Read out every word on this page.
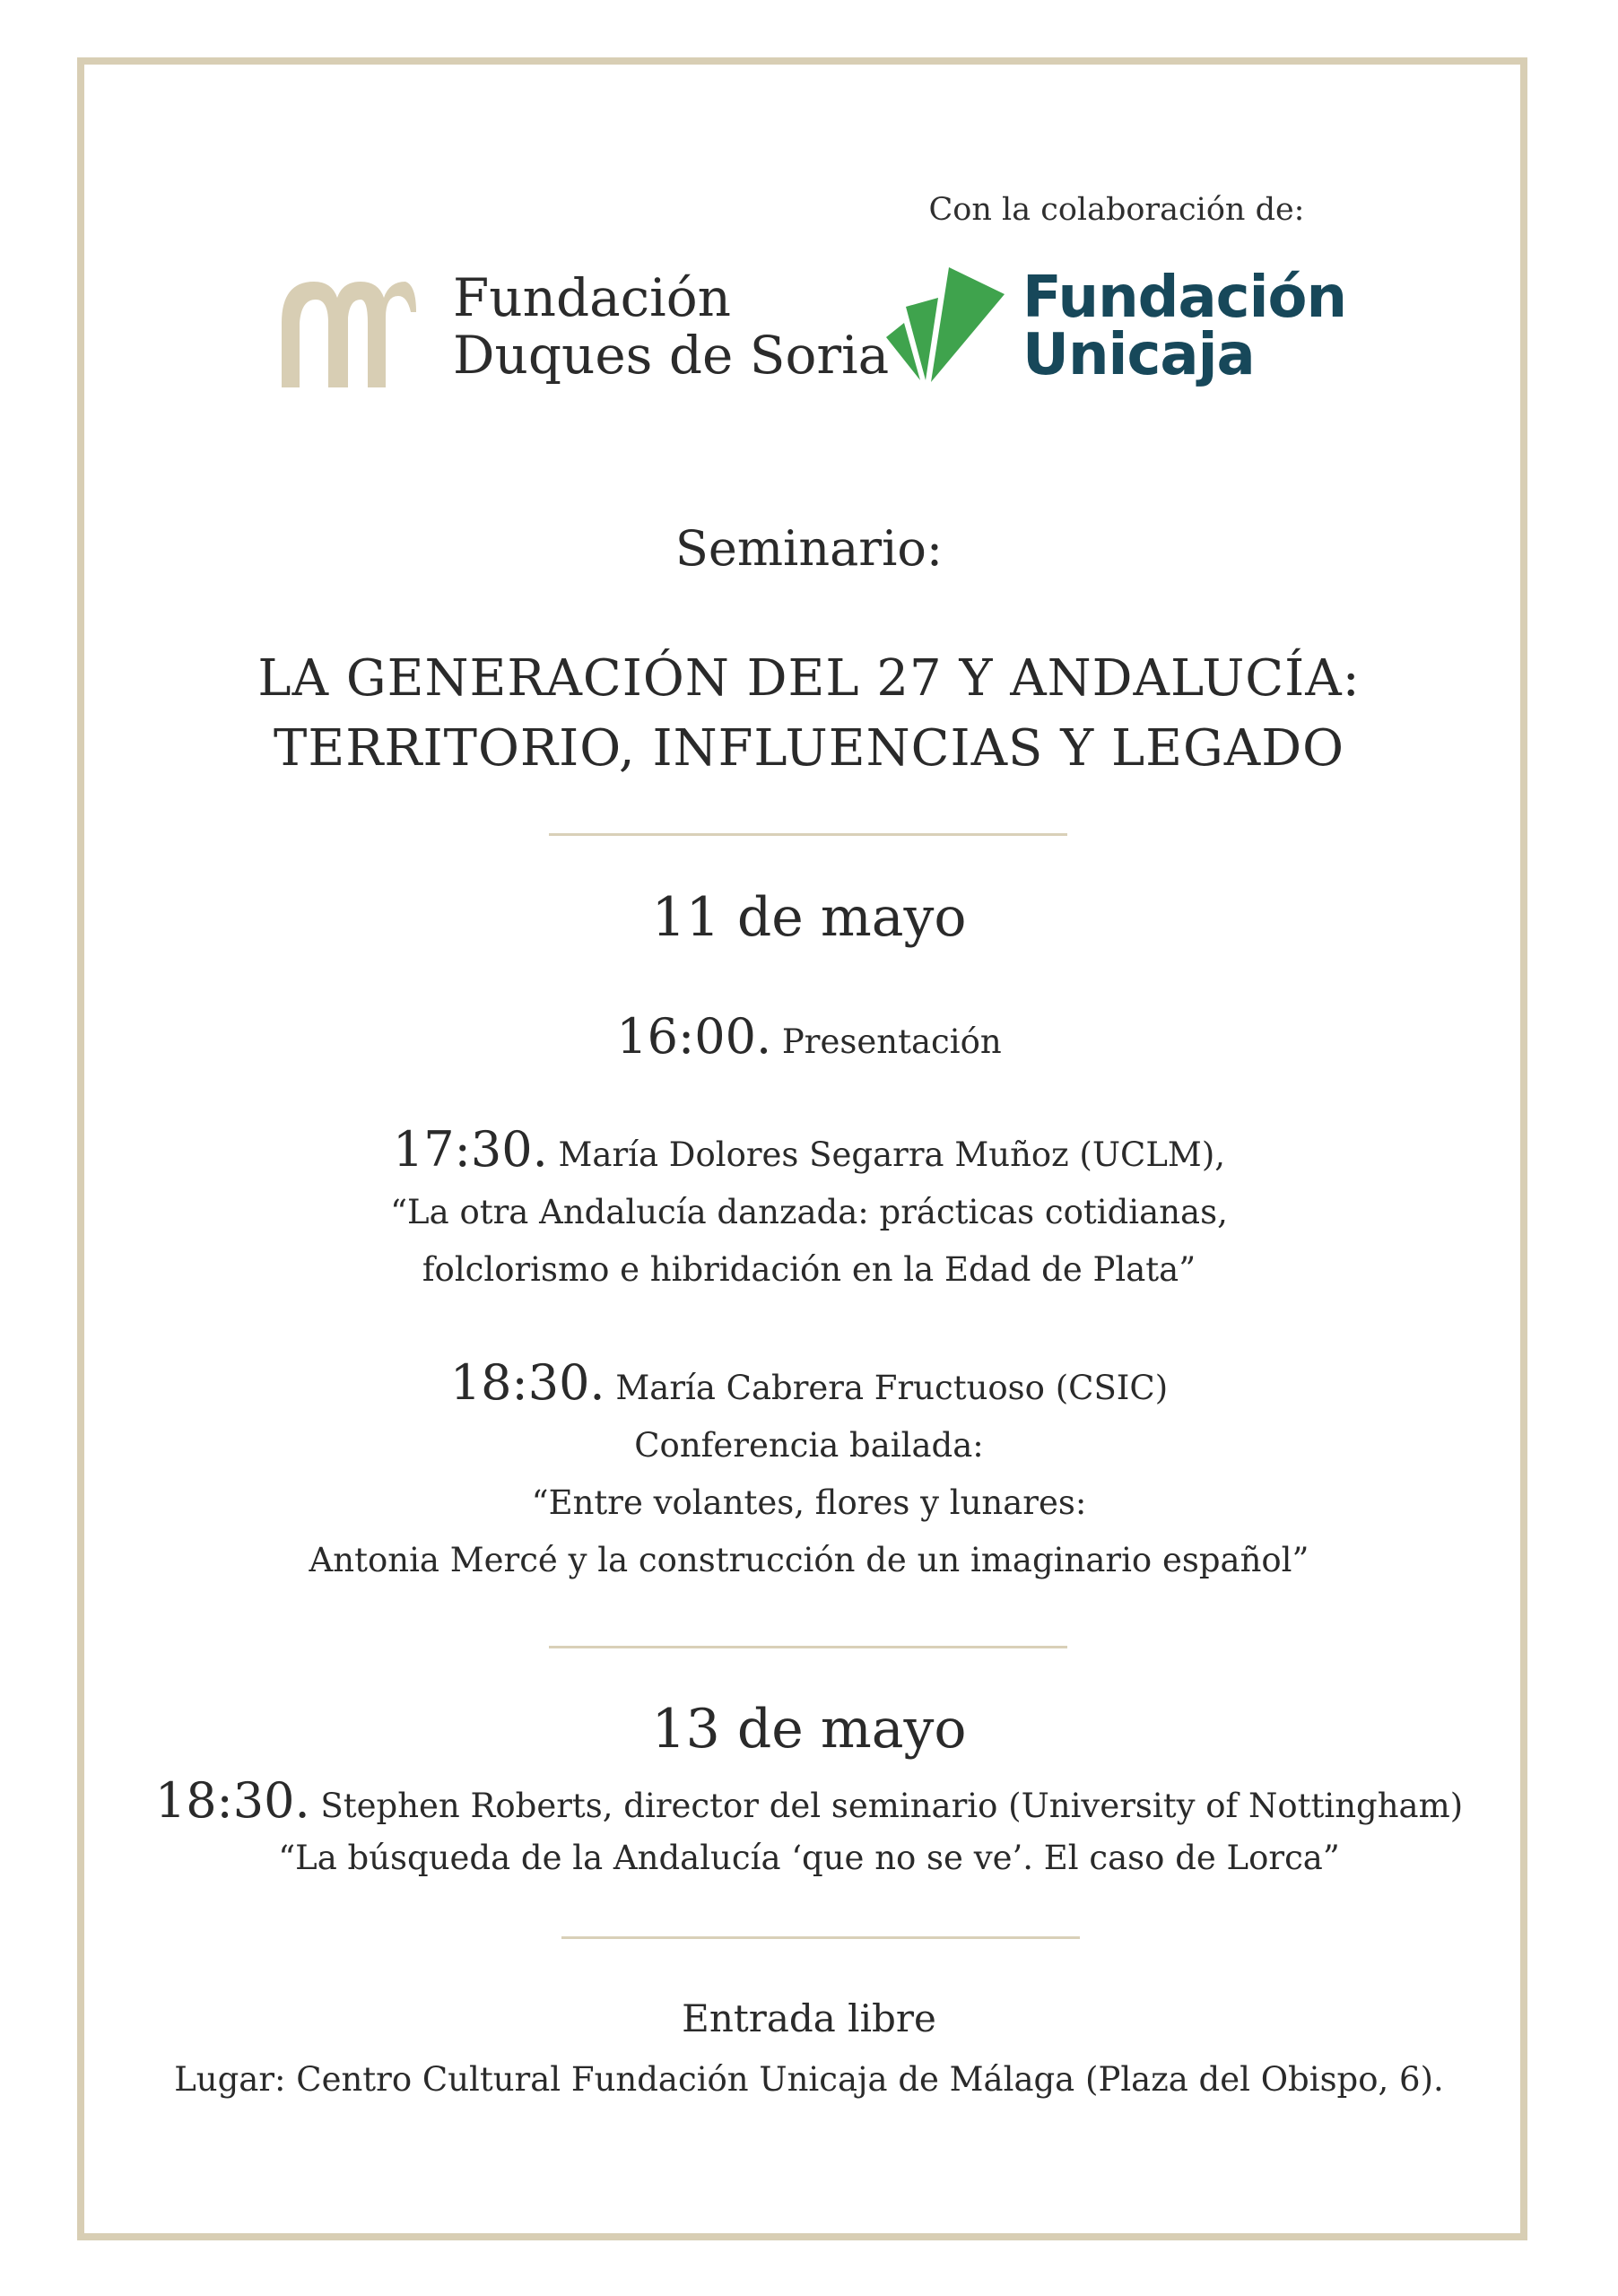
Con la colaboración de:
Fundación
Duques de Soria
Fundación
Unicaja
Seminario:
LA GENERACIÓN DEL 27 Y ANDALUCÍA:
TERRITORIO, INFLUENCIAS Y LEGADO
11 de mayo
16:00. Presentación
17:30. María Dolores Segarra Muñoz (UCLM),
“La otra Andalucía danzada: prácticas cotidianas,
folclorismo e hibridación en la Edad de Plata”
18:30. María Cabrera Fructuoso (CSIC)
Conferencia bailada:
“Entre volantes, flores y lunares:
Antonia Mercé y la construcción de un imaginario español”
13 de mayo
18:30. Stephen Roberts, director del seminario (University of Nottingham)
“La búsqueda de la Andalucía ‘que no se ve’. El caso de Lorca”
Entrada libre
Lugar: Centro Cultural Fundación Unicaja de Málaga (Plaza del Obispo, 6).
